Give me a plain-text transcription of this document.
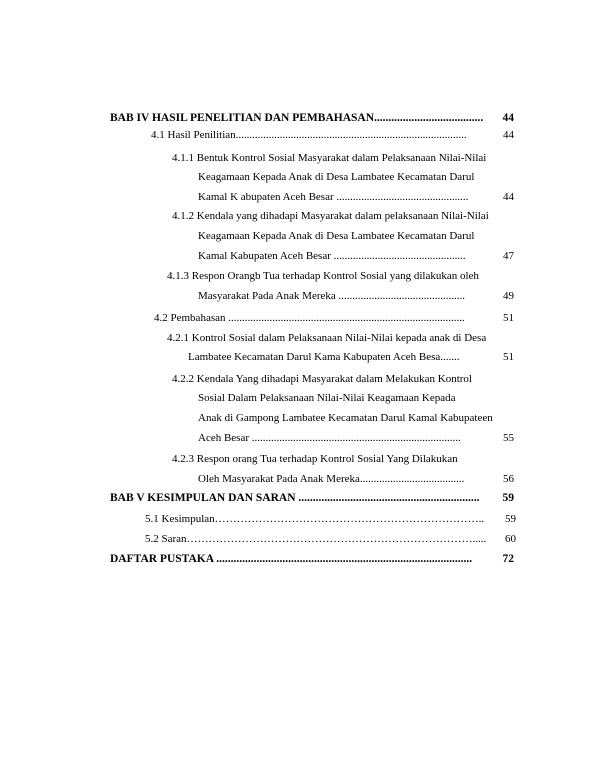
BAB IV HASIL PENELITIAN DAN PEMBAHASAN......................................	44
4.1 Hasil Penilitian....................................................................................	44
4.1.1 Bentuk Kontrol Sosial Masyarakat dalam Pelaksanaan Nilai-Nilai
Keagamaan Kepada Anak di Desa Lambatee Kecamatan Darul
Kamal K abupaten Aceh Besar ................................................	44
4.1.2 Kendala yang dihadapi Masyarakat dalam pelaksanaan Nilai-Nilai
Keagamaan Kepada Anak di Desa Lambatee Kecamatan Darul
Kamal Kabupaten Aceh Besar ................................................	47
4.1.3 Respon Orangb Tua terhadap Kontrol Sosial yang dilakukan oleh
Masyarakat Pada Anak Mereka ..............................................	49
4.2 Pembahasan ......................................................................................	51
4.2.1 Kontrol Sosial dalam Pelaksanaan Nilai-Nilai kepada anak di Desa
Lambatee Kecamatan Darul Kama Kabupaten Aceh Besa.......	51
4.2.2 Kendala Yang dihadapi Masyarakat dalam Melakukan Kontrol
Sosial Dalam Pelaksanaan Nilai-Nilai Keagamaan Kepada
Anak di Gampong Lambatee Kecamatan Darul Kamal Kabupateen
Aceh Besar ............................................................................	55
4.2.3 Respon orang Tua terhadap Kontrol Sosial Yang Dilakukan
Oleh Masyarakat Pada Anak Mereka......................................	56
BAB V KESIMPULAN DAN SARAN ...............................................................	59
5.1 Kesimpulan………………………………………………………………..	59
5.2 Saran…………………………………………………………………….....	60
DAFTAR PUSTAKA .........................................................................................	72
